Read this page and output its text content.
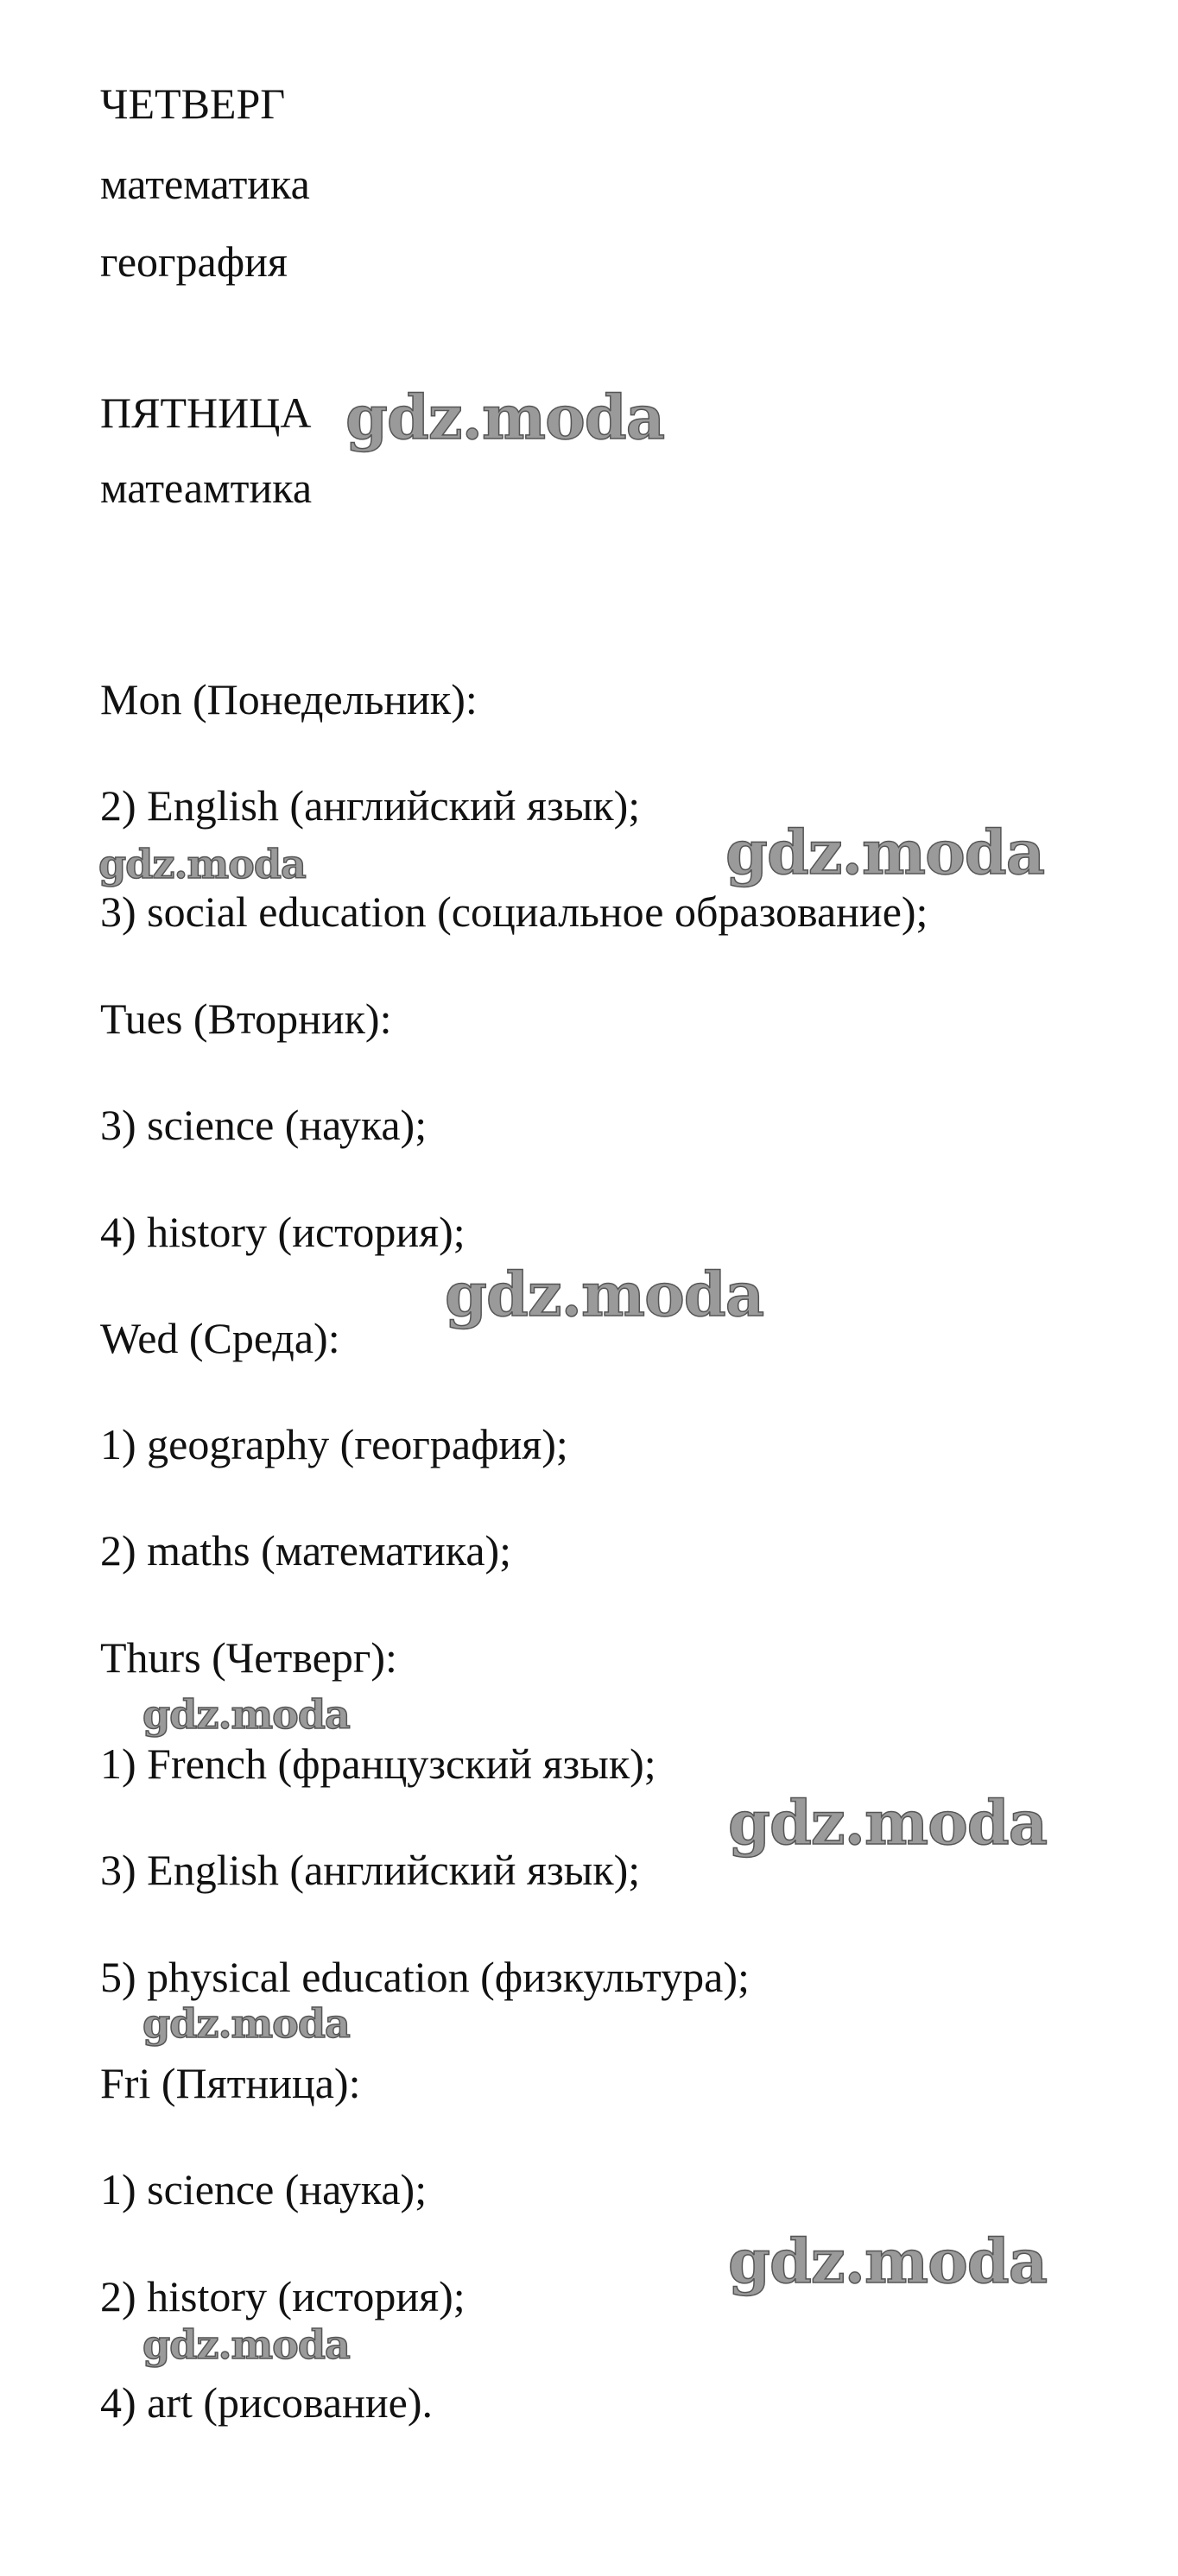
ЧЕТВЕРГ
математика
география
ПЯТНИЦА
матеамтика
Mon (Понедельник):
2) English (английский язык);
3) social education (социальное образование);
Tues (Вторник):
3) science (наука);
4) history (история);
Wed (Среда):
1) geography (география);
2) maths (математика);
Thurs (Четверг):
1) French (французский язык);
3) English (английский язык);
5) physical education (физкультура);
Fri (Пятница):
1) science (наука);
2) history (история);
4) art (рисование).
gdz.moda
gdz.moda	gdz.moda
gdz.moda
gdz.moda
gdz.moda
gdz.moda
gdz.moda
gdz.moda
